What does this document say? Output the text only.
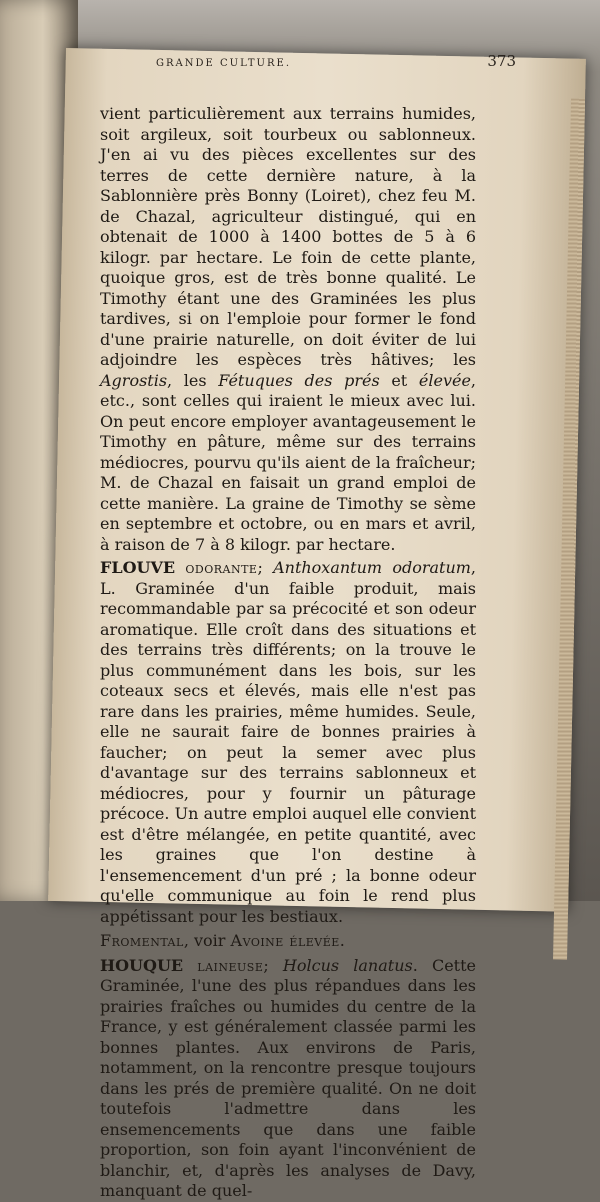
GRANDE CULTURE.	373

vient particulièrement aux terrains humides, soit argileux, soit tourbeux ou sablonneux. J'en ai vu des pièces excellentes sur des terres de cette dernière nature, à la Sablonnière près Bonny (Loiret), chez feu M. de Chazal, agriculteur distingué, qui en obtenait de 1000 à 1400 bottes de 5 à 6 kilogr. par hectare. Le foin de cette plante, quoique gros, est de très bonne qualité. Le Timothy étant une des Graminées les plus tardives, si on l'emploie pour former le fond d'une prairie naturelle, on doit éviter de lui adjoindre les espèces très hâtives; les Agrostis, les Fétuques des prés et élevée, etc., sont celles qui iraient le mieux avec lui. On peut encore employer avantageusement le Timothy en pâture, même sur des terrains médiocres, pourvu qu'ils aient de la fraîcheur; M. de Chazal en faisait un grand emploi de cette manière. La graine de Timothy se sème en septembre et octobre, ou en mars et avril, à raison de 7 à 8 kilogr. par hectare.

FLOUVE odorante; Anthoxantum odoratum, L. Graminée d'un faible produit, mais recommandable par sa précocité et son odeur aromatique. Elle croît dans des situations et des terrains très différents; on la trouve le plus communément dans les bois, sur les coteaux secs et élevés, mais elle n'est pas rare dans les prairies, même humides. Seule, elle ne saurait faire de bonnes prairies à faucher; on peut la semer avec plus d'avantage sur des terrains sablonneux et médiocres, pour y fournir un pâturage précoce. Un autre emploi auquel elle convient est d'être mélangée, en petite quantité, avec les graines que l'on destine à l'ensemencement d'un pré ; la bonne odeur qu'elle communique au foin le rend plus appétissant pour les bestiaux.

Fromental, voir Avoine élevée.

HOUQUE laineuse; Holcus lanatus. Cette Graminée, l'une des plus répandues dans les prairies fraîches ou humides du centre de la France, y est généralement classée parmi les bonnes plantes. Aux environs de Paris, notamment, on la rencontre presque toujours dans les prés de première qualité. On ne doit toutefois l'admettre dans les ensemencements que dans une faible proportion, son foin ayant l'inconvénient de blanchir, et, d'après les analyses de Davy, manquant de quel-
